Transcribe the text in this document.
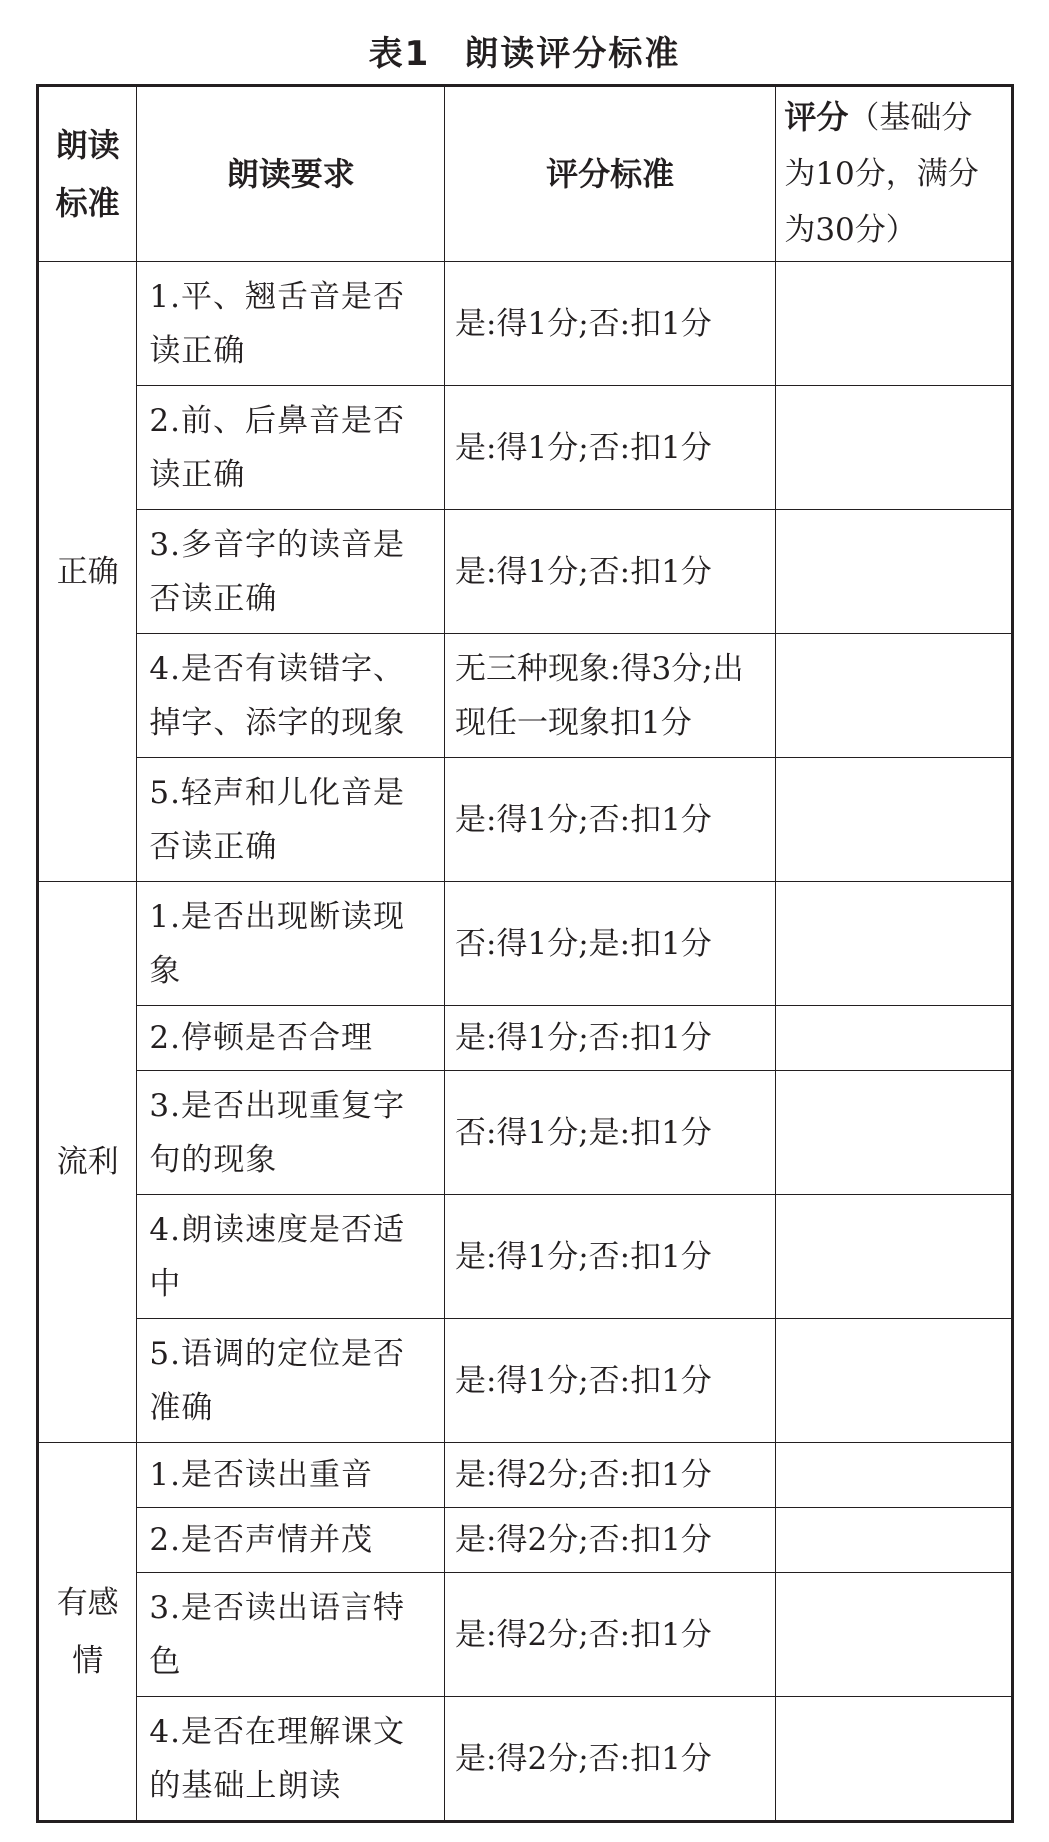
表1 朗读评分标准
朗读标准	朗读要求	评分标准	评分（基础分为10分，满分为30分）
正确	1.平、翘舌音是否读正确	是:得1分;否:扣1分	
	2.前、后鼻音是否读正确	是:得1分;否:扣1分	
	3.多音字的读音是否读正确	是:得1分;否:扣1分	
	4.是否有读错字、掉字、添字的现象	无三种现象:得3分;出现任一现象扣1分	
	5.轻声和儿化音是否读正确	是:得1分;否:扣1分	
流利	1.是否出现断读现象	否:得1分;是:扣1分	
	2.停顿是否合理	是:得1分;否:扣1分	
	3.是否出现重复字句的现象	否:得1分;是:扣1分	
	4.朗读速度是否适中	是:得1分;否:扣1分	
	5.语调的定位是否准确	是:得1分;否:扣1分	
有感情	1.是否读出重音	是:得2分;否:扣1分	
	2.是否声情并茂	是:得2分;否:扣1分	
	3.是否读出语言特色	是:得2分;否:扣1分	
	4.是否在理解课文的基础上朗读	是:得2分;否:扣1分	
